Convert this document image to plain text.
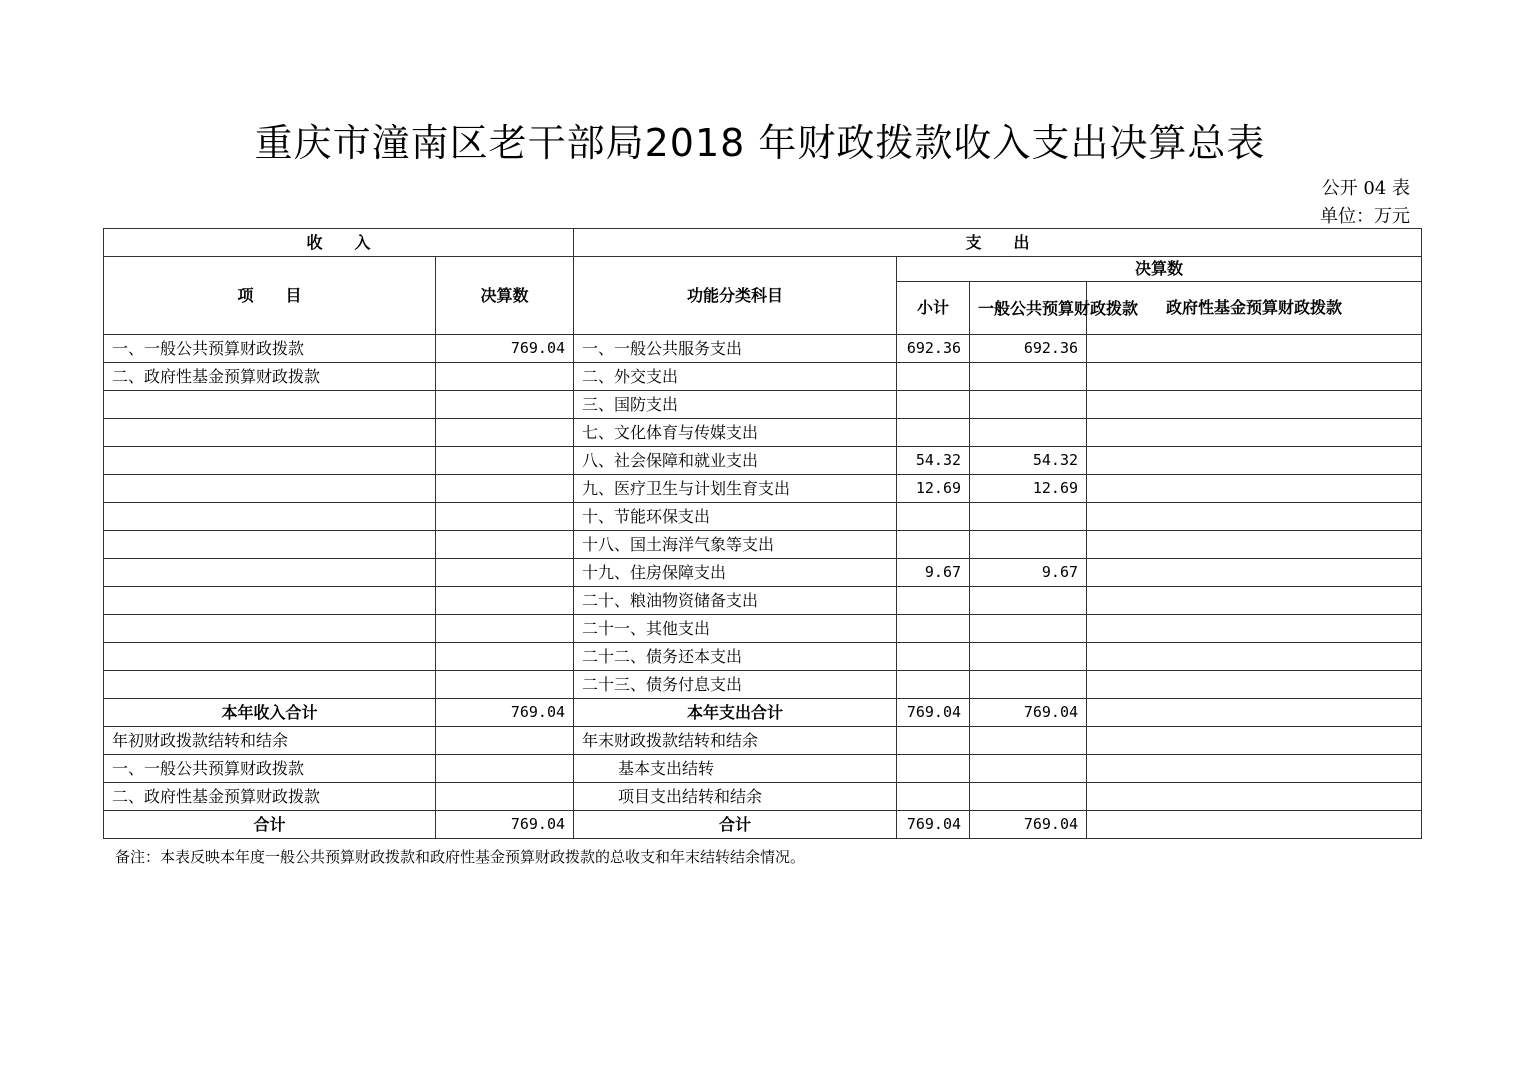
重庆市潼南区老干部局2018 年财政拨款收入支出决算总表
公开 04 表
单位：万元
收　　入		支　　出			
项　　目	决算数	功能分类科目	决算数		
			小计	一般公共预算财政拨款	政府性基金预算财政拨款
一、一般公共预算财政拨款	769.04	一、一般公共服务支出	692.36	692.36	
二、政府性基金预算财政拨款		二、外交支出			
		三、国防支出			
		七、文化体育与传媒支出			
		八、社会保障和就业支出	54.32	54.32	
		九、医疗卫生与计划生育支出	12.69	12.69	
		十、节能环保支出			
		十八、国土海洋气象等支出			
		十九、住房保障支出	9.67	9.67	
		二十、粮油物资储备支出			
		二十一、其他支出			
		二十二、债务还本支出			
		二十三、债务付息支出			
本年收入合计	769.04	本年支出合计	769.04	769.04	
年初财政拨款结转和结余		年末财政拨款结转和结余			
一、一般公共预算财政拨款		基本支出结转			
二、政府性基金预算财政拨款		项目支出结转和结余			
合计	769.04	合计	769.04	769.04	
备注：本表反映本年度一般公共预算财政拨款和政府性基金预算财政拨款的总收支和年末结转结余情况。
